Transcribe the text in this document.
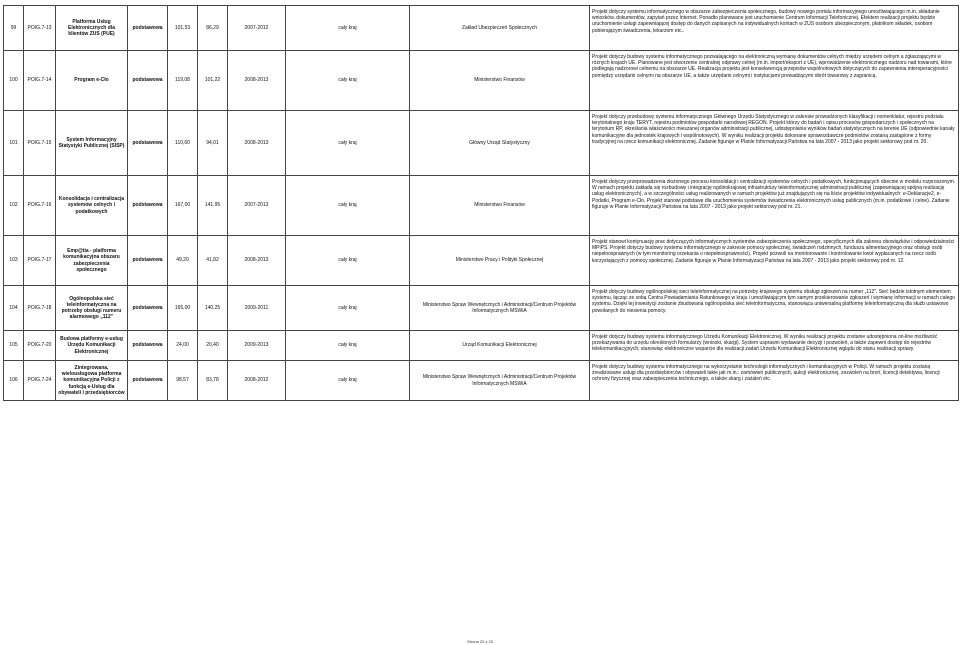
99	POIG.7-13	Platforma Usług Elektronicznych dla klientów ZUS (PUE)	podstawowa	101,53	86,29	2007-2012	cały kraj	Zakład Ubezpieczeń Społecznych	Projekt dotyczy systemu informatycznego w obszarze zabezpieczenia społecznego, budowy nowego portalu informacyjnego umożliwiającego m.in. składanie wniosków, dokumentów, zapytań przez Internet. Ponadto planowane jest uruchomienie Centrum Informacji Telefonicznej. Efektem realizacji projektu będzie uruchomienie usługi zapewniającej dostęp do danych zapisanych na indywidualnych kontach w ZUS osobom ubezpieczonym, płatnikom składek, osobom pobierającym świadczenia, lekarzom etc..
100	POIG.7-14	Program e-Cło	podstawowa	119,08	101,22	2008-2013	cały kraj	Ministerstwo Finansów	Projekt dotyczy budowy systemu informatycznego pozwalającego na elektroniczną wymianę dokumentów celnych między urzędem celnym a zgłaszającymi w różnych krajach UE. Planowane jest stworzenie centralnej odprawy celnej (m.in. import/eksport z UE), wprowadzenie elektronicznego nadzoru nad towarami, które podlegają nadzorowi celnemu na obszarze UE. Realizacja projektu jest konsekwencją przepisów wspólnotowych dotyczących do zapewnienia interoperacyjności pomiędzy urzędami celnymi na obszarze UE, a także urzędami celnymi i instytucjami prowadzącymi obrót towarowy z zagranicą.
101	POIG.7-15	System Informacyjny Statystyki Publicznej (SISP)	podstawowa	110,60	94,01	2008-2013	cały kraj	Główny Urząd Statystyczny	Projekt dotyczy przebudowy systemu informatycznego Głównego Urzędu Statystycznego w zakresie prowadzonych klasyfikacji i nomenklatur, rejestru podziału terytorialnego kraju TERYT, rejestru podmiotów gospodarki narodowej REGON. Projekt którzy do badań i opisu procesów gospodarczych i społecznych na terytorium RP, określania właściwości mieszanej organów administracji publicznej, udostępniania wyników badań statystycznych na terenie UE (odpowiednie kanały komunikacyjne dla jednostek krajowych i wspólnotowych). W wyniku realizacji projektu dokonane sprawozdawcze podmiotów zostaną zastąpione z formy tradycyjnej na rzecz komunikacji elektronicznej. Zadanie figuruje w Planie Informatyzacji Państwa na lata 2007 - 2013 jako projekt sektorowy pod nr. 20.
102	POIG.7-16	Konsolidacja i centralizacja systemów celnych i podatkowych	podstawowa	167,00	141,95	2007-2013	cały kraj	Ministerstwo Finansów	Projekt dotyczy przeprowadzenia złożonego procesu konsolidacji i centralizacji systemów celnych i podatkowych, funkcjonujących obecnie w modelu rozproszonym. W ramach projektu zakłada się rozbudowę i integrację ogólnokrajowej infrastruktury teleinformatycznej administracji publicznej (zapewniającej spójną realizację usług elektronicznych), a w szczególności usług realizowanych w ramach projektów już znajdujących się na liście projektów indywidualnych: e-Deklaracje2, e-Podatki, Program e-Cło. Projekt stanowi podstawę dla uruchomienia systemów świadczenia elektronicznych usług publicznych (m.in. podatkowe i celne). Zadanie figuruje w Planie Informatyzacji Państwa na lata 2007 - 2013 jako projekt sektorowy pod nr. 21.
103	POIG.7-17	Emp@tia - platforma komunikacyjna obszaru zabezpieczenia społecznego	podstawowa	49,20	41,82	2008-2013	cały kraj	Ministerstwo Pracy i Polityki Społecznej	Projekt stanowi kontynuację prac dotyczących informatycznych systemów zabezpieczenia społecznego, specyficznych dla zakresu obowiązków i odpowiedzialności MPiPS. Projekt dotyczy budowy systemu informatycznego w zakresie pomocy społecznej, świadczeń rodzinnych, funduszu alimentacyjnego oraz obsługi osób niepełnosprawnych (w tym monitoring orzekania o niepełnosprawności). Projekt pozwoli na monitorowanie i kontrolowanie kwot wypłacanych na rzecz osób korzystających z pomocy społecznej. Zadanie figuruje w Planie Informatyzacji Państwa na lata 2007 - 2013 jako projekt sektorowy pod nr. 12.
104	POIG.7-18	Ogólnopolska sieć teleinformatyczna na potrzeby obsługi numeru alarmowego „112”	podstawowa	165,00	140,25	2009-2011	cały kraj	Ministerstwo Spraw Wewnętrznych i Administracji/Centrum Projektów Informatycznych MSWiA	Projekt dotyczy budowy ogólnopolskiej sieci teleinformatycznej na potrzeby krajowego systemu obsługi zgłoszeń na numer „112”. Sieć będzie istotnym elementem systemu, łącząc ze sobą Centra Powiadamiania Ratunkowego w kraju i umożliwiającym tym samym przekierowanie zgłoszeń i wymianę informacji w ramach całego systemu. Dzięki tej inwestycji zostanie zbudowana ogólnopolska sieć teleinformatyczna, stanowiąca uniwersalną platformę teleinformatyczną dla służb ustawowo powołanych do niesienia pomocy.
105	POIG.7-20	Budowa platformy e-usług Urzędu Komunikacji Elektronicznej	podstawowa	24,00	20,40	2009-2013	cały kraj	Urząd Komunikacji Elektronicznej	Projekt dotyczy budowy systemu informatycznego Urzędu Komunikacji Elektronicznej. W wyniku realizacji projektu zostanie udostępniona on-line możliwość przekazywania do urzędu określonych formularzy (wnioski, skargi). System usprawni wydawanie decyzji i pozwoleń, a także zapewni dostęp do rejestrów telekomunikacyjnych, stanowiąc elektroniczne wsparcie dla realizacji zadań Urzędu Komunikacji Elektronicznej wglądu do stanu realizacji sprawy.
106	POIG.7-24	Zintegrowana, wielousługowa platforma komunikacyjna Policji z funkcją e-Usług dla obywateli i przedsiębiorców	podstawowa	98,57	83,78	2008-2012	cały kraj	Ministerstwo Spraw Wewnętrznych i Administracji/Centrum Projektów Informatycznych MSWiA	Projekt dotyczy budowy systemu informatycznego na wykorzystanie technologii informatycznych i komunikacyjnych w Policji. W ramach projektu zostaną zrealizowane usługi dla przedsiębiorców i obywateli takie jak m.in.: zamówień publicznych, aukcji elektronicznej, zezwoleń na broń, licencji detektywa, licencji ochrony fizycznej oraz zabezpieczenia technicznego, a także skarg i zażaleń etc.
Strona 20 z 20
